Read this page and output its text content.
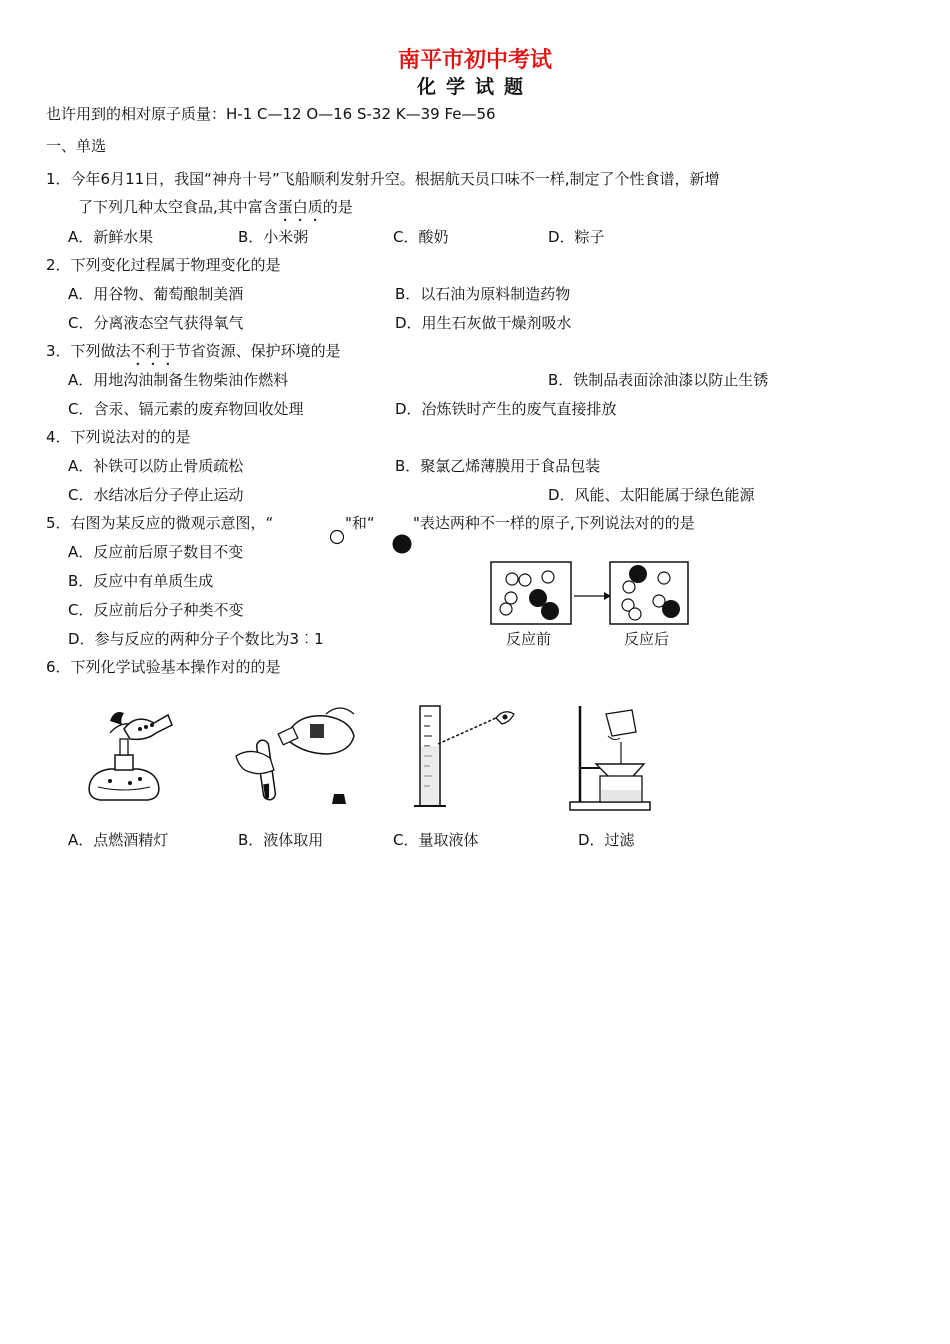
南平市初中考试
化学试题
也许用到的相对原子质量：H-1 C—12 O—16 S-32 K—39 Fe—56
一、单选
1．今年6月11日，我国“神舟十号”飞船顺利发射升空。根据航天员口味不一样,制定了个性食谱，新增
了下列几种太空食品,其中富含蛋白质的是
A．新鲜水果	B．小米粥	C．酸奶	D．粽子
2．下列变化过程属于物理变化的是
A．用谷物、葡萄酿制美酒	B．以石油为原料制造药物
C．分离液态空气获得氧气	D．用生石灰做干燥剂吸水
3．下列做法不利于节省资源、保护环境的是
A．用地沟油制备生物柴油作燃料	B．铁制品表面涂油漆以防止生锈
C．含汞、镉元素的废弃物回收处理	D．冶炼铁时产生的废气直接排放
4．下列说法对的的是
A．补铁可以防止骨质疏松	B．聚氯乙烯薄膜用于食品包装
C．水结冰后分子停止运动	D．风能、太阳能属于绿色能源
5．右图为某反应的微观示意图，“	"和“	"表达两种不一样的原子,下列说法对的的是
A．反应前后原子数目不变
B．反应中有单质生成
C．反应前后分子种类不变
D．参与反应的两种分子个数比为3︰1	反应前	反应后
6．下列化学试验基本操作对的的是
A．点燃酒精灯	B．液体取用	C．量取液体	D．过滤
